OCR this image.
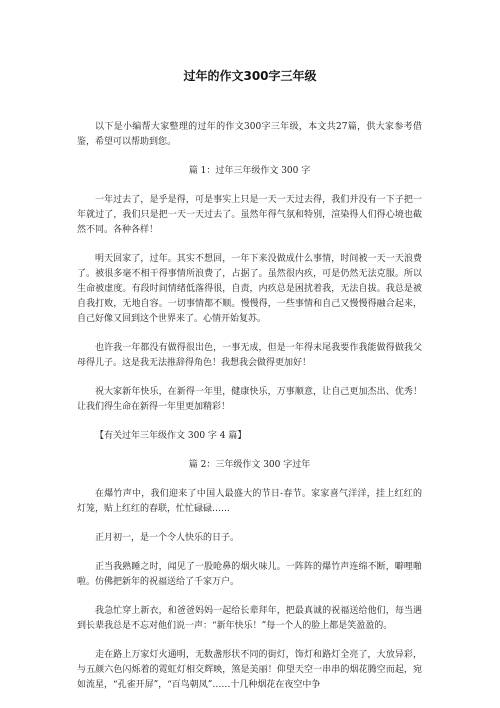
过年的作文300字三年级

以下是小编帮大家整理的过年的作文300字三年级，本文共27篇，供大家参考借鉴，希望可以帮助到您。

篇 1：过年三年级作文 300 字

一年过去了，是乎是得，可是事实上只是一天一天过去得，我们并没有一下子把一年就过了，我们只是把一天一天过去了。虽然年得气氛和特别，渲染得人们得心境也截然不同。各种各样！

明天回家了，过年。其实不想回，一年下来没做成什么事情，时间被一天一天浪费了。被很多毫不相干得事情所浪费了，占据了。虽然很内疚，可是仍然无法克服。所以生命被虚度。有段时间情绪低落得很，自责，内疚总是困扰着我，无法自拔。我总是被自我打败，无地自容。一切事情都不顺。慢慢得，一些事情和自己又慢慢得融合起来，自己好像又回到这个世界来了。心情开始复苏。

也许我一年都没有做得很出色，一事无成，但是一年得末尾我要作我能做得做我父母得儿子。这是我无法推辞得角色！我想我会做得更加好！

祝大家新年快乐，在新得一年里，健康快乐，万事顺意，让自己更加杰出、优秀！让我们得生命在新得一年里更加精彩！

【有关过年三年级作文 300 字 4 篇】

篇 2：三年级作文 300 字过年

在爆竹声中，我们迎来了中国人最盛大的节日-春节。家家喜气洋洋，挂上红红的灯笼，贴上红红的春联，忙忙碌碌……

正月初一，是一个令人快乐的日子。

正当我熟睡之时，闻见了一股呛鼻的烟火味儿。一阵阵的爆竹声连绵不断，噼哩啪啦。仿佛把新年的祝福送给了千家万户。

我急忙穿上新衣，和爸爸妈妈一起给长辈拜年，把最真诚的祝福送给他们，每当遇到长辈我总是不忘对他们说一声：“新年快乐！”每一个人的脸上都是笑盈盈的。

走在路上万家灯火通明，无数盏形状不同的街灯，饰灯和路灯全亮了，大放异彩，与五颜六色闪烁着的霓虹灯相交辉映，煞是美丽！仰望天空一串串的烟花腾空而起，宛如流星，“孔雀开屏”，“百鸟朝凤”……十几种烟花在夜空中争
